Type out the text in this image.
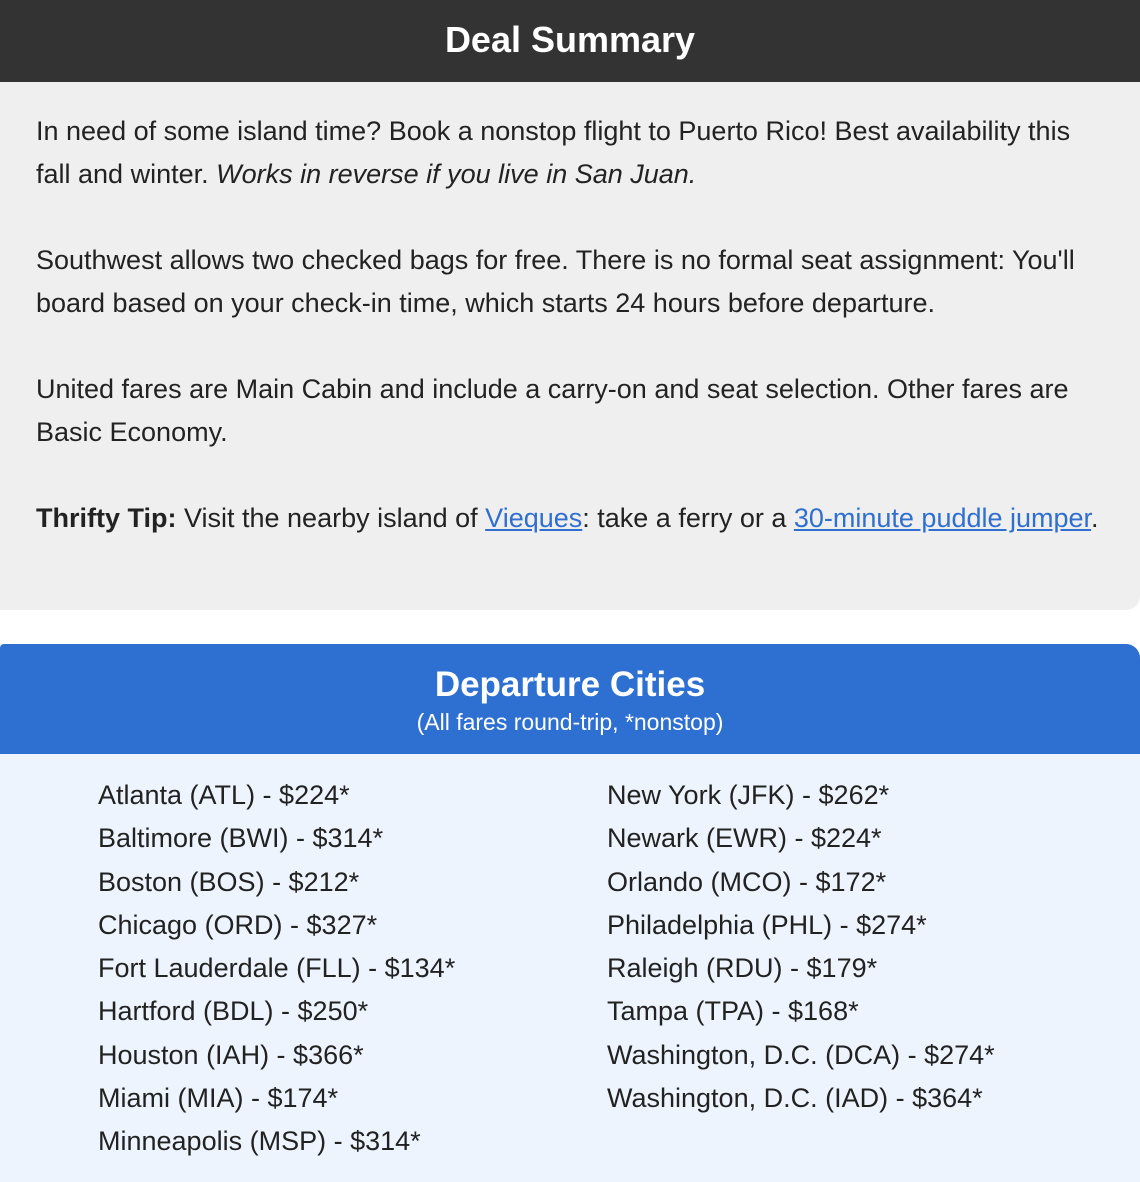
Deal Summary

In need of some island time? Book a nonstop flight to Puerto Rico! Best availability this fall and winter. Works in reverse if you live in San Juan.

Southwest allows two checked bags for free. There is no formal seat assignment: You'll board based on your check-in time, which starts 24 hours before departure.

United fares are Main Cabin and include a carry-on and seat selection. Other fares are Basic Economy.

Thrifty Tip: Visit the nearby island of Vieques: take a ferry or a 30-minute puddle jumper.

Departure Cities
(All fares round-trip, *nonstop)
Atlanta (ATL) - $224*
Baltimore (BWI) - $314*
Boston (BOS) - $212*
Chicago (ORD) - $327*
Fort Lauderdale (FLL) - $134*
Hartford (BDL) - $250*
Houston (IAH) - $366*
Miami (MIA) - $174*
Minneapolis (MSP) - $314*
New York (JFK) - $262*
Newark (EWR) - $224*
Orlando (MCO) - $172*
Philadelphia (PHL) - $274*
Raleigh (RDU) - $179*
Tampa (TPA) - $168*
Washington, D.C. (DCA) - $274*
Washington, D.C. (IAD) - $364*
